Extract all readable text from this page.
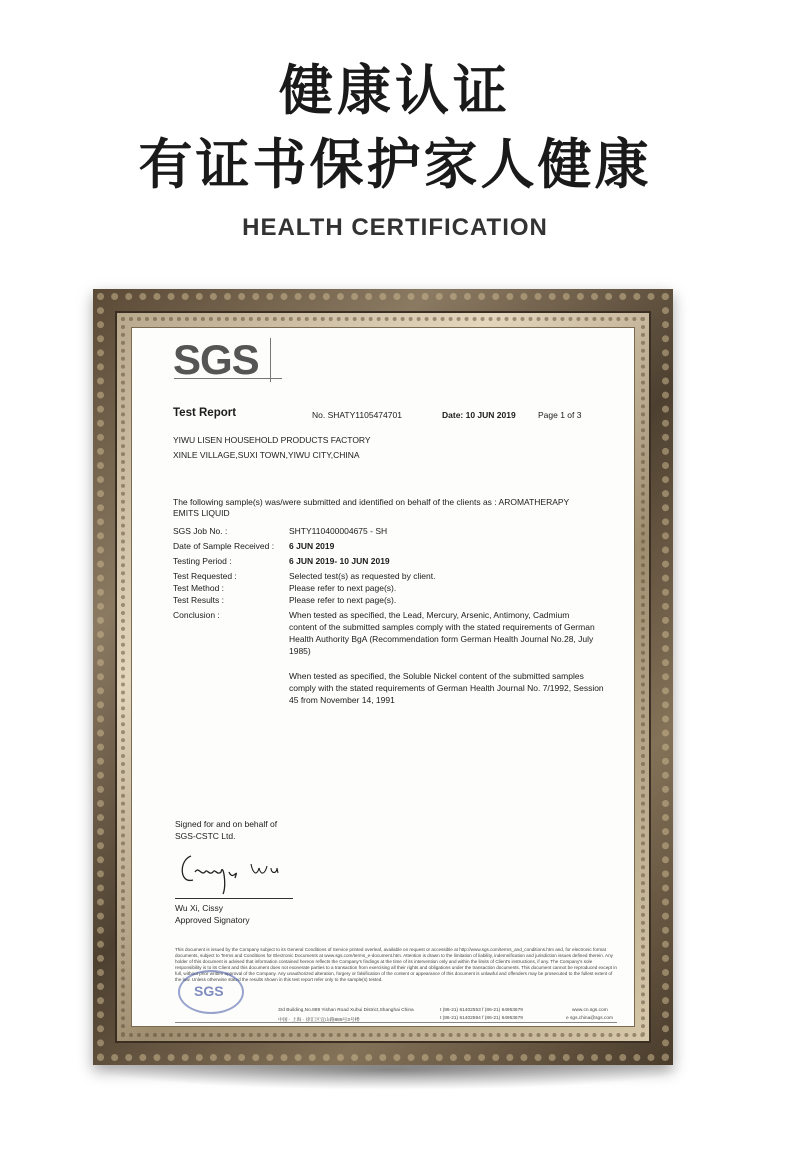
健康认证
有证书保护家人健康
HEALTH CERTIFICATION
SGS
Test Report	No. SHATY1105474701	Date: 10 JUN 2019	Page 1 of 3
YIWU LISEN HOUSEHOLD PRODUCTS FACTORY
XINLE VILLAGE,SUXI TOWN,YIWU CITY,CHINA
The following sample(s) was/were submitted and identified on behalf of the clients as : AROMATHERAPY
EMITS LIQUID
SGS Job No. :	SHTY110400004675 - SH
Date of Sample Received : 6 JUN 2019
Testing Period :	6 JUN 2019- 10 JUN 2019
Test Requested :	Selected test(s) as requested by client.
Test Method :	Please refer to next page(s).
Test Results :	Please refer to next page(s).
Conclusion :	When tested as specified, the Lead, Mercury, Arsenic, Antimony, Cadmium
content of the submitted samples comply with the stated requirements of German
Health Authority BgA (Recommendation form German Health Journal No.28, July
1985)
When tested as specified, the Soluble Nickel content of the submitted samples
comply with the stated requirements of German Health Journal No. 7/1992, Session
45 from November 14, 1991
Signed for and on behalf of
SGS-CSTC Ltd.
Wu Xi, Cissy
Approved Signatory
This document is issued by the Company subject to its General Conditions of Service printed overleaf, available on request or accessible at http://www.sgs.com/terms_and_conditions.htm and, for electronic format documents, subject to Terms and Conditions for Electronic Documents at www.sgs.com/terms_e-document.htm. Attention is drawn to the limitation of liability, indemnification and jurisdiction issues defined therein. Any holder of this document is advised that information contained hereon reflects the Company's findings at the time of its intervention only and within the limits of Client's instructions, if any. The Company's sole responsibility is to its Client and this document does not exonerate parties to a transaction from exercising all their rights and obligations under the transaction documents. This document cannot be reproduced except in full, without prior written approval of the Company. Any unauthorized alteration, forgery or falsification of the content or appearance of this document is unlawful and offenders may be prosecuted to the fullest extent of the law. Unless otherwise stated the results shown in this test report refer only to the sample(s) tested.
SGS
3rd Building,No.889 Yishan Road Xuhui District,Shanghai China
中国 · 上海 · 徐汇区宜山路889号3号楼
t (86-21) 61402553 f (86-21) 64953679
t (86-21) 61402594 f (86-21) 64953679
www.cn.sgs.com
e sgs.china@sgs.com
